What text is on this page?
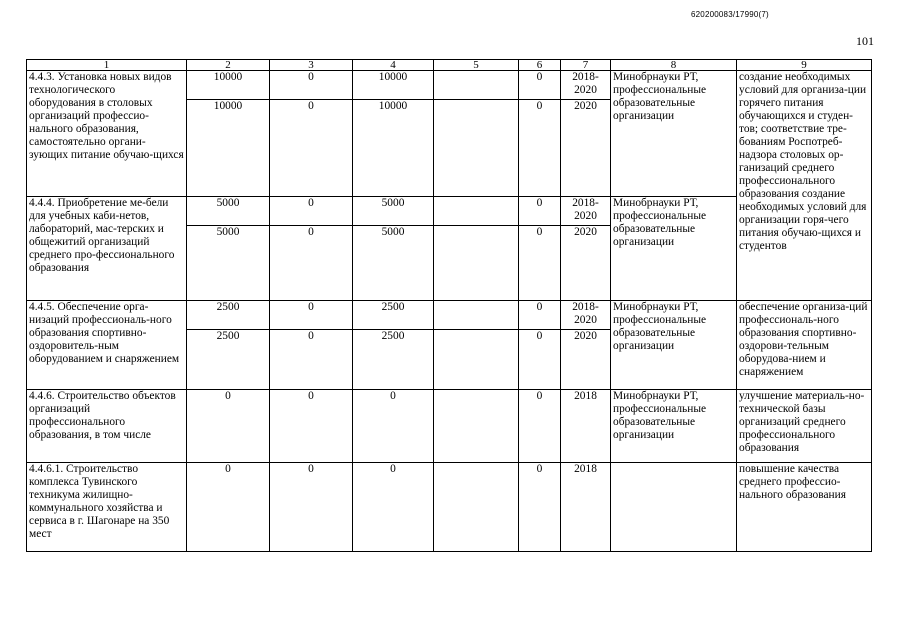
620200083/17990(7)
101
1	2	3	4	5	6	7	8	9
4.4.3. Установка новых видов технологического оборудования в столовых организаций профессио-нального образования, самостоятельно органи-зующих питание обучаю-щихся	10000	0	10000		0	2018-2020	Минобрнауки РТ, профессиональные образовательные организации	создание необходимых условий для организа-ции горячего питания обучающихся и студен-тов; соответствие тре-бованиям Роспотреб-надзора столовых ор-ганизаций среднего профессионального образования создание необходимых условий для организации горя-чего питания обучаю-щихся и студентов
	10000	0	10000		0	2020		
4.4.4. Приобретение ме-бели для учебных каби-нетов, лабораторий, мас-терских и общежитий организаций среднего про-фессионального образования	5000	0	5000		0	2018-2020	Минобрнауки РТ, профессиональные образовательные организации	
	5000	0	5000		0	2020		
4.4.5. Обеспечение орга-низаций профессиональ-ного образования спортивно-оздоровитель-ным оборудованием и снаряжением	2500	0	2500		0	2018-2020	Минобрнауки РТ, профессиональные образовательные организации	обеспечение организа-ций профессиональ-ного образования спортивно-оздорови-тельным оборудова-нием и снаряжением
	2500	0	2500		0	2020		
4.4.6. Строительство объектов организаций профессионального образования, в том числе	0	0	0		0	2018	Минобрнауки РТ, профессиональные образовательные организации	улучшение материаль-но-технической базы организаций среднего профессионального образования
4.4.6.1. Строительство комплекса Тувинского техникума жилищно-коммунального хозяйства и сервиса в г. Шагонаре на 350 мест	0	0	0		0	2018		повышение качества среднего профессио-нального образования
